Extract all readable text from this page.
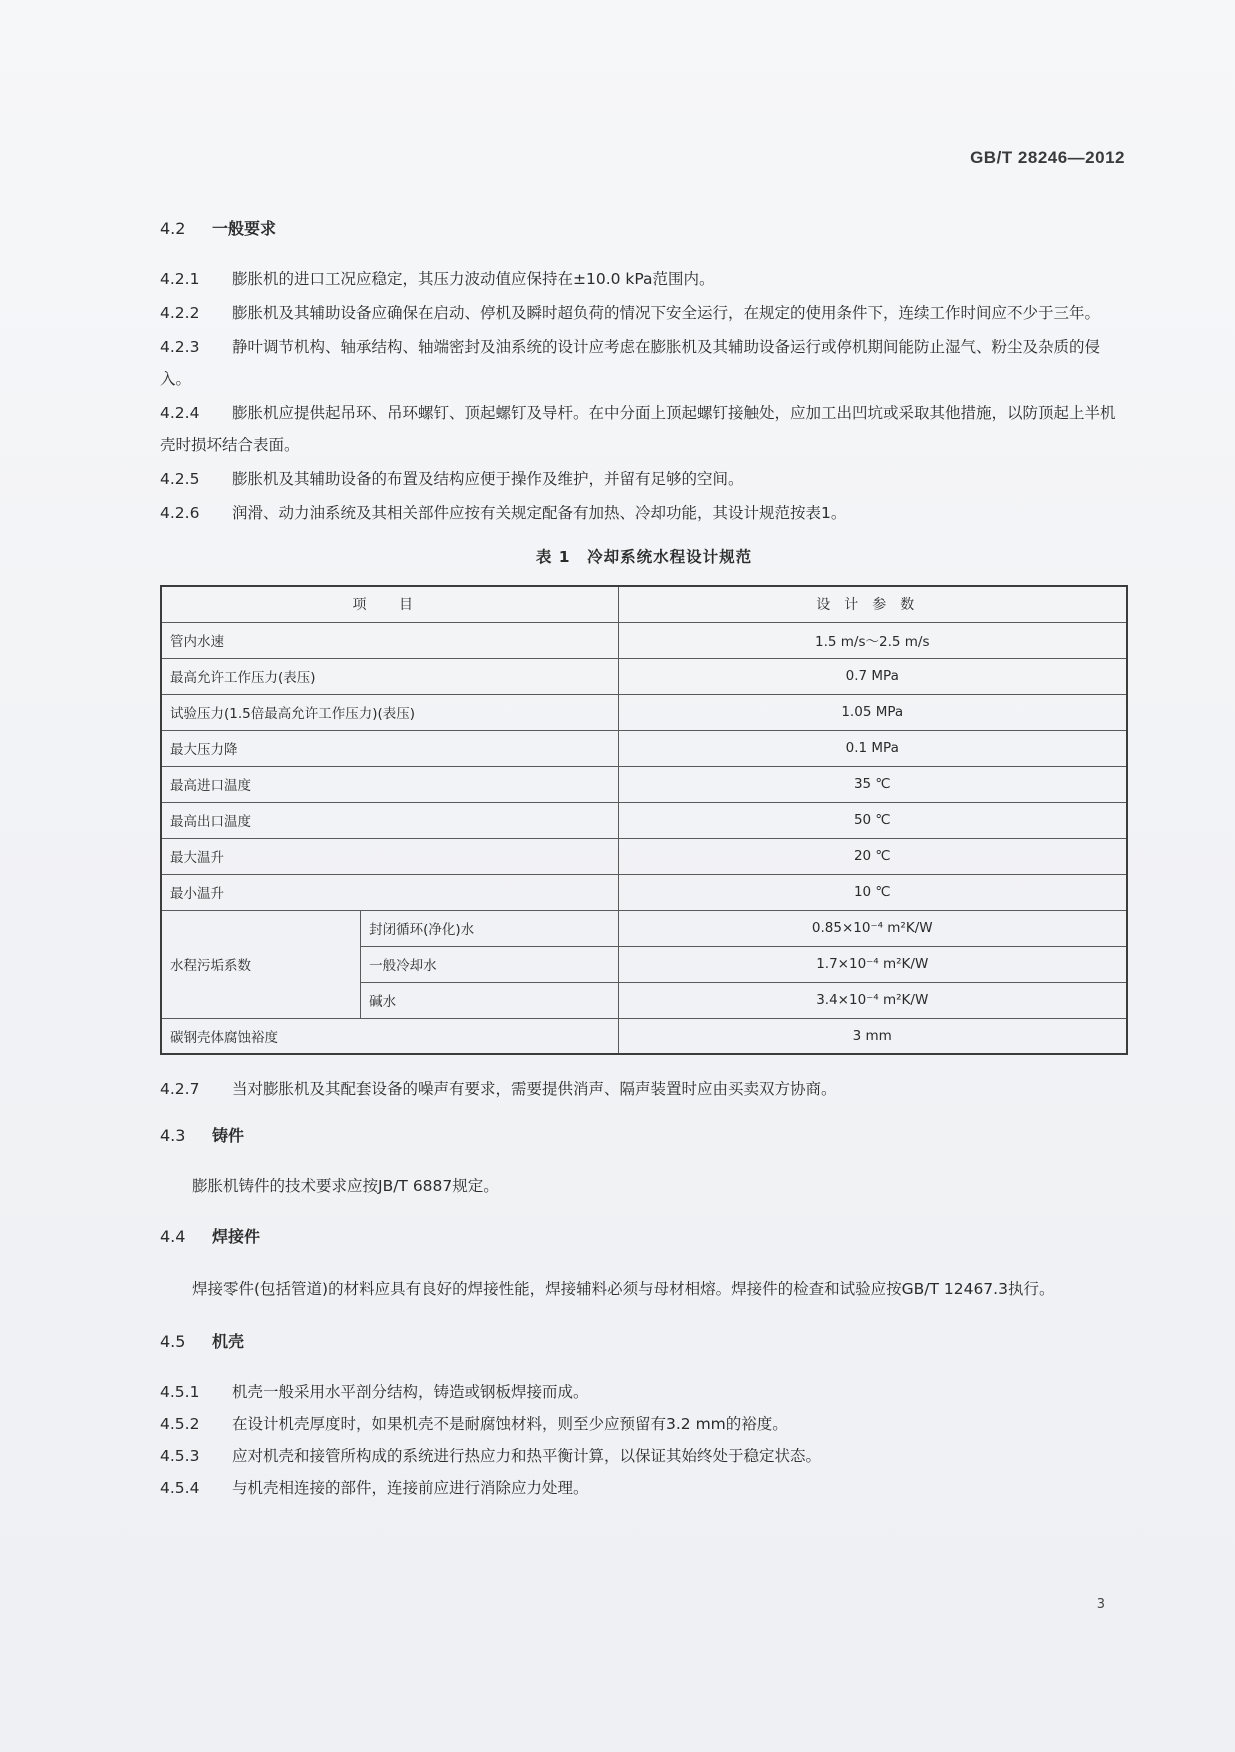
GB/T 28246—2012
4.2 一般要求

4.2.1 膨胀机的进口工况应稳定，其压力波动值应保持在±10.0 kPa范围内。

4.2.2 膨胀机及其辅助设备应确保在启动、停机及瞬时超负荷的情况下安全运行，在规定的使用条件下，连续工作时间应不少于三年。

4.2.3 静叶调节机构、轴承结构、轴端密封及油系统的设计应考虑在膨胀机及其辅助设备运行或停机期间能防止湿气、粉尘及杂质的侵入。

4.2.4 膨胀机应提供起吊环、吊环螺钉、顶起螺钉及导杆。在中分面上顶起螺钉接触处，应加工出凹坑或采取其他措施，以防顶起上半机壳时损坏结合表面。

4.2.5 膨胀机及其辅助设备的布置及结构应便于操作及维护，并留有足够的空间。

4.2.6 润滑、动力油系统及其相关部件应按有关规定配备有加热、冷却功能，其设计规范按表1。

表 1　冷却系统水程设计规范
项 目		设计参数
管内水速		1.5 m/s～2.5 m/s
最高允许工作压力(表压)		0.7 MPa
试验压力(1.5倍最高允许工作压力)(表压)		1.05 MPa
最大压力降		0.1 MPa
最高进口温度		35 ℃
最高出口温度		50 ℃
最大温升		20 ℃
最小温升		10 ℃
水程污垢系数	封闭循环(净化)水	0.85×10⁻⁴ m²K/W
	一般冷却水	1.7×10⁻⁴ m²K/W
	碱水	3.4×10⁻⁴ m²K/W
碳钢壳体腐蚀裕度		3 mm

4.2.7 当对膨胀机及其配套设备的噪声有要求，需要提供消声、隔声装置时应由买卖双方协商。

4.3 铸件

膨胀机铸件的技术要求应按JB/T 6887规定。

4.4 焊接件

焊接零件(包括管道)的材料应具有良好的焊接性能，焊接辅料必须与母材相熔。焊接件的检查和试验应按GB/T 12467.3执行。

4.5 机壳

4.5.1 机壳一般采用水平剖分结构，铸造或钢板焊接而成。

4.5.2 在设计机壳厚度时，如果机壳不是耐腐蚀材料，则至少应预留有3.2 mm的裕度。

4.5.3 应对机壳和接管所构成的系统进行热应力和热平衡计算，以保证其始终处于稳定状态。

4.5.4 与机壳相连接的部件，连接前应进行消除应力处理。

3
